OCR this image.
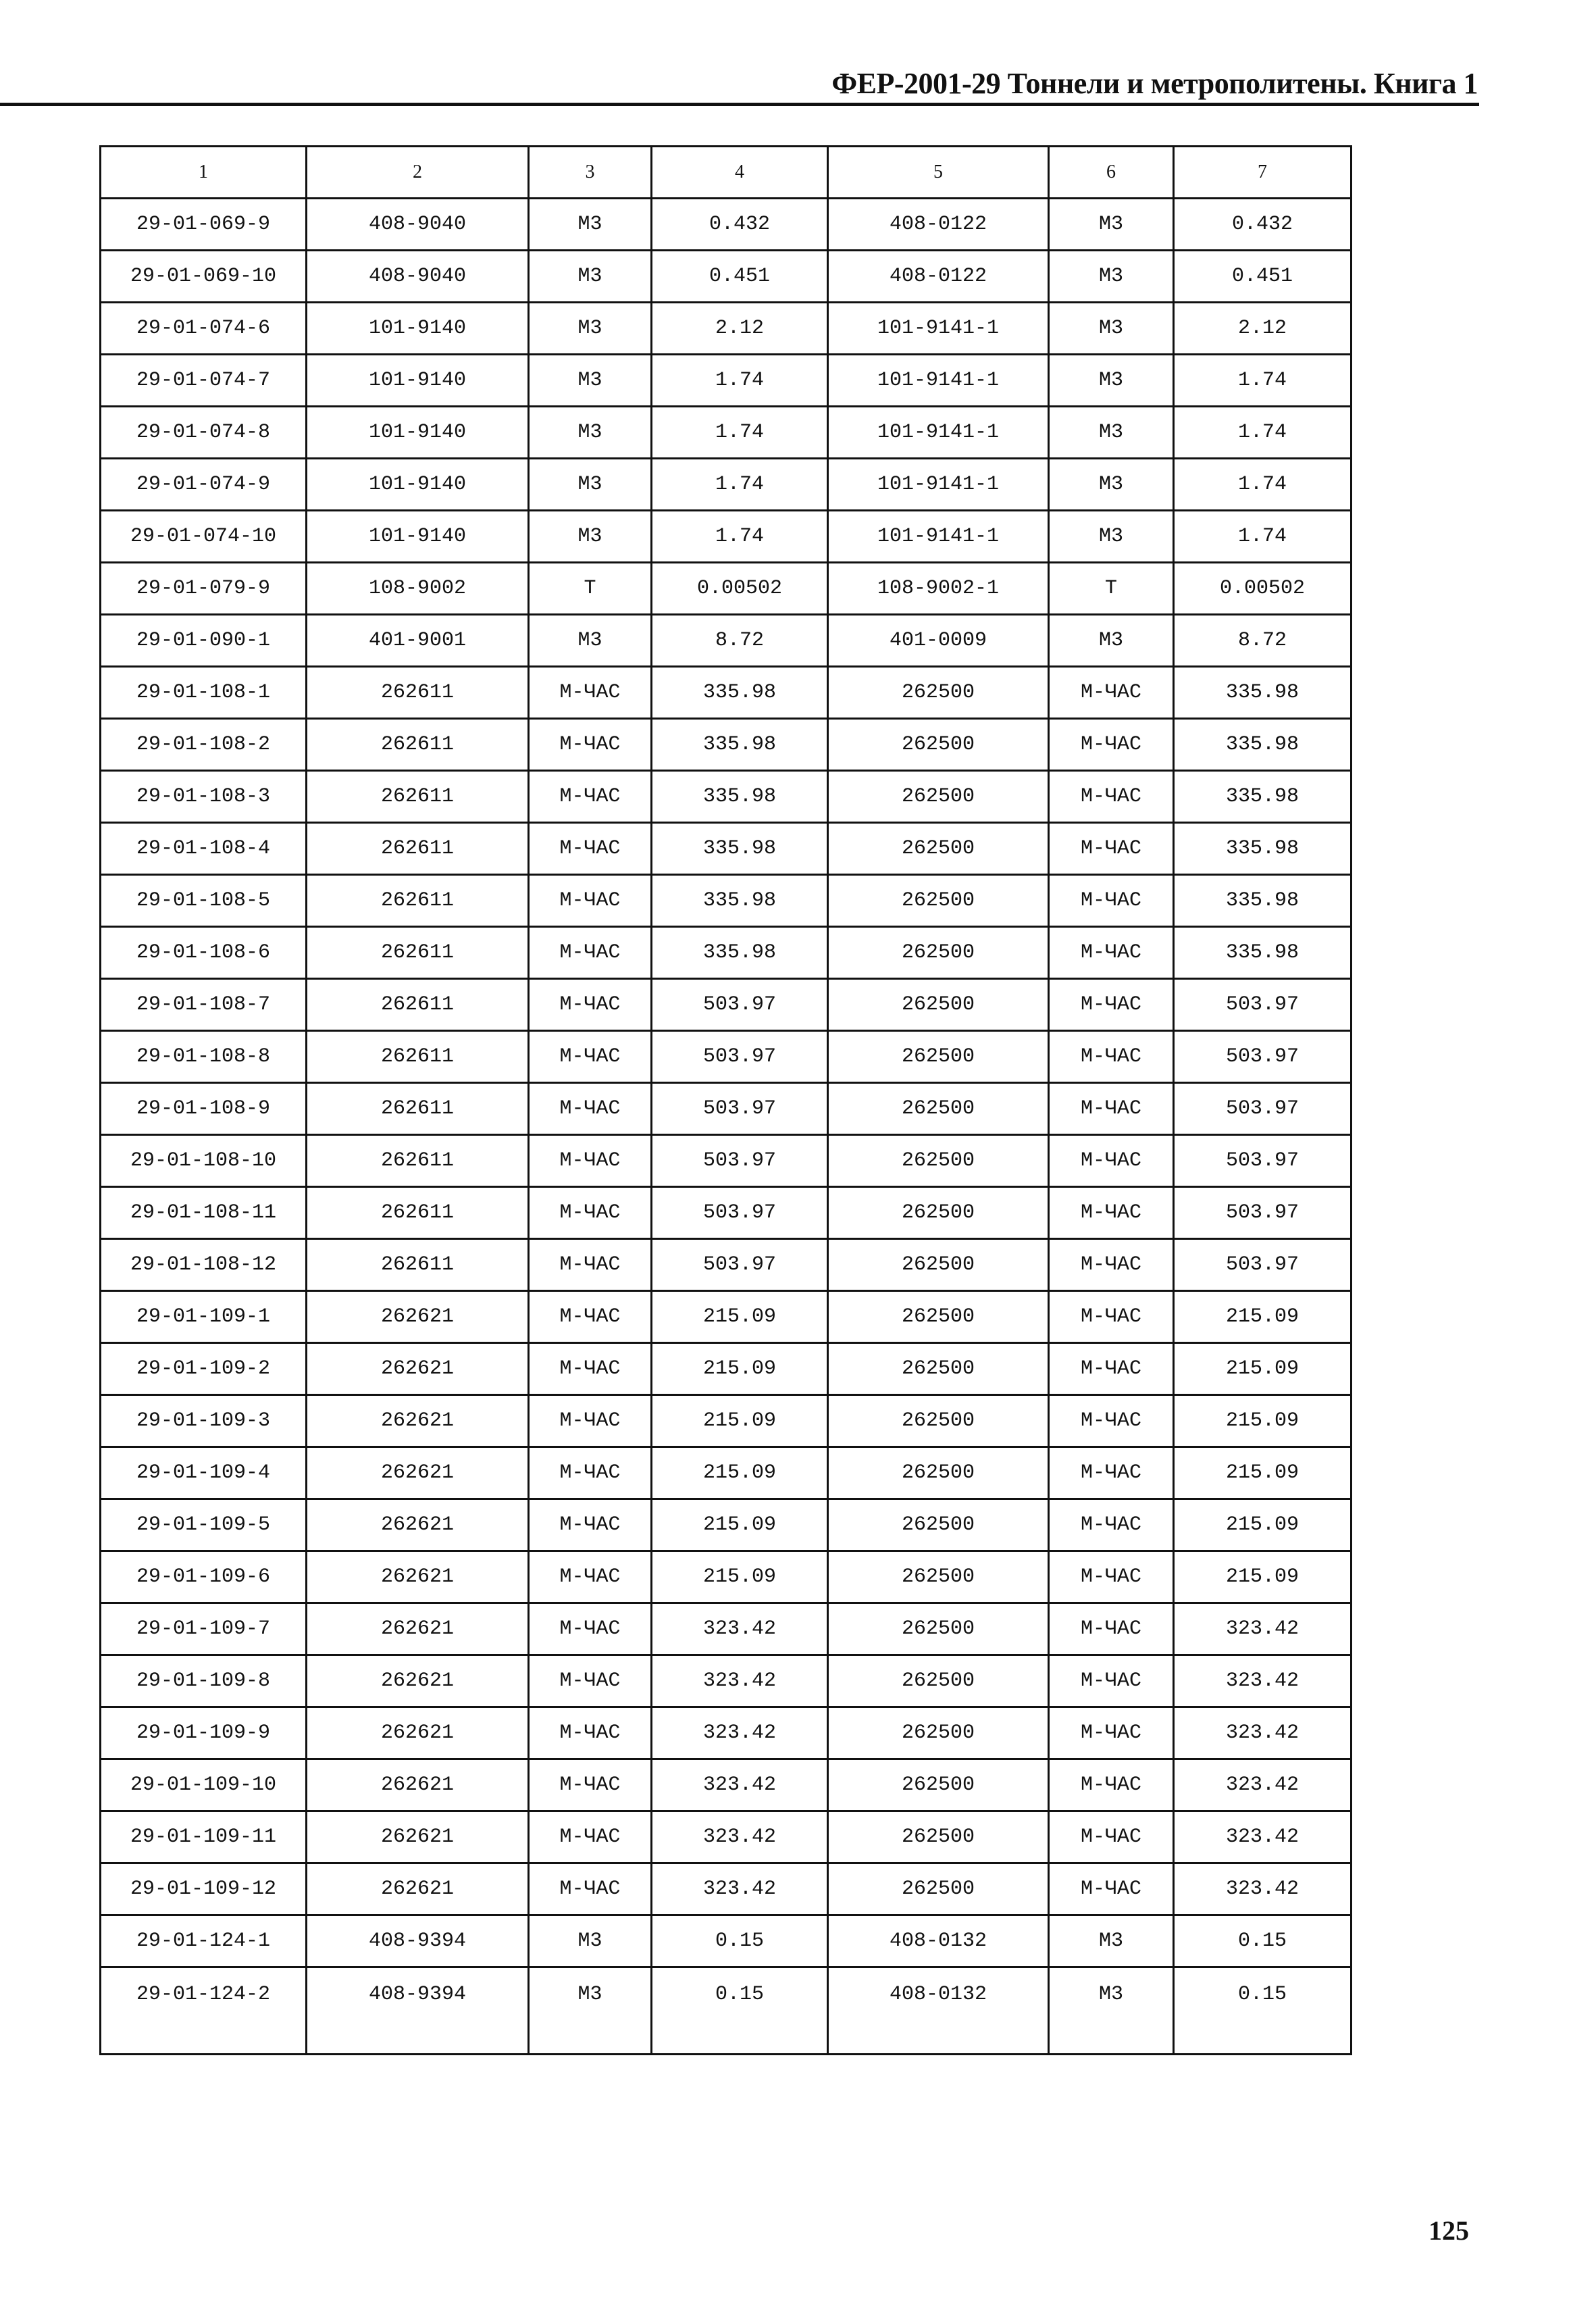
ФЕР-2001-29 Тоннели и метрополитены. Книга 1
1	2	3	4	5	6	7
29-01-069-9	408-9040	М3	0.432	408-0122	М3	0.432
29-01-069-10	408-9040	М3	0.451	408-0122	М3	0.451
29-01-074-6	101-9140	М3	2.12	101-9141-1	М3	2.12
29-01-074-7	101-9140	М3	1.74	101-9141-1	М3	1.74
29-01-074-8	101-9140	М3	1.74	101-9141-1	М3	1.74
29-01-074-9	101-9140	М3	1.74	101-9141-1	М3	1.74
29-01-074-10	101-9140	М3	1.74	101-9141-1	М3	1.74
29-01-079-9	108-9002	Т	0.00502	108-9002-1	Т	0.00502
29-01-090-1	401-9001	М3	8.72	401-0009	М3	8.72
29-01-108-1	262611	М-ЧАС	335.98	262500	М-ЧАС	335.98
29-01-108-2	262611	М-ЧАС	335.98	262500	М-ЧАС	335.98
29-01-108-3	262611	М-ЧАС	335.98	262500	М-ЧАС	335.98
29-01-108-4	262611	М-ЧАС	335.98	262500	М-ЧАС	335.98
29-01-108-5	262611	М-ЧАС	335.98	262500	М-ЧАС	335.98
29-01-108-6	262611	М-ЧАС	335.98	262500	М-ЧАС	335.98
29-01-108-7	262611	М-ЧАС	503.97	262500	М-ЧАС	503.97
29-01-108-8	262611	М-ЧАС	503.97	262500	М-ЧАС	503.97
29-01-108-9	262611	М-ЧАС	503.97	262500	М-ЧАС	503.97
29-01-108-10	262611	М-ЧАС	503.97	262500	М-ЧАС	503.97
29-01-108-11	262611	М-ЧАС	503.97	262500	М-ЧАС	503.97
29-01-108-12	262611	М-ЧАС	503.97	262500	М-ЧАС	503.97
29-01-109-1	262621	М-ЧАС	215.09	262500	М-ЧАС	215.09
29-01-109-2	262621	М-ЧАС	215.09	262500	М-ЧАС	215.09
29-01-109-3	262621	М-ЧАС	215.09	262500	М-ЧАС	215.09
29-01-109-4	262621	М-ЧАС	215.09	262500	М-ЧАС	215.09
29-01-109-5	262621	М-ЧАС	215.09	262500	М-ЧАС	215.09
29-01-109-6	262621	М-ЧАС	215.09	262500	М-ЧАС	215.09
29-01-109-7	262621	М-ЧАС	323.42	262500	М-ЧАС	323.42
29-01-109-8	262621	М-ЧАС	323.42	262500	М-ЧАС	323.42
29-01-109-9	262621	М-ЧАС	323.42	262500	М-ЧАС	323.42
29-01-109-10	262621	М-ЧАС	323.42	262500	М-ЧАС	323.42
29-01-109-11	262621	М-ЧАС	323.42	262500	М-ЧАС	323.42
29-01-109-12	262621	М-ЧАС	323.42	262500	М-ЧАС	323.42
29-01-124-1	408-9394	М3	0.15	408-0132	М3	0.15
29-01-124-2	408-9394	М3	0.15	408-0132	М3	0.15
125
